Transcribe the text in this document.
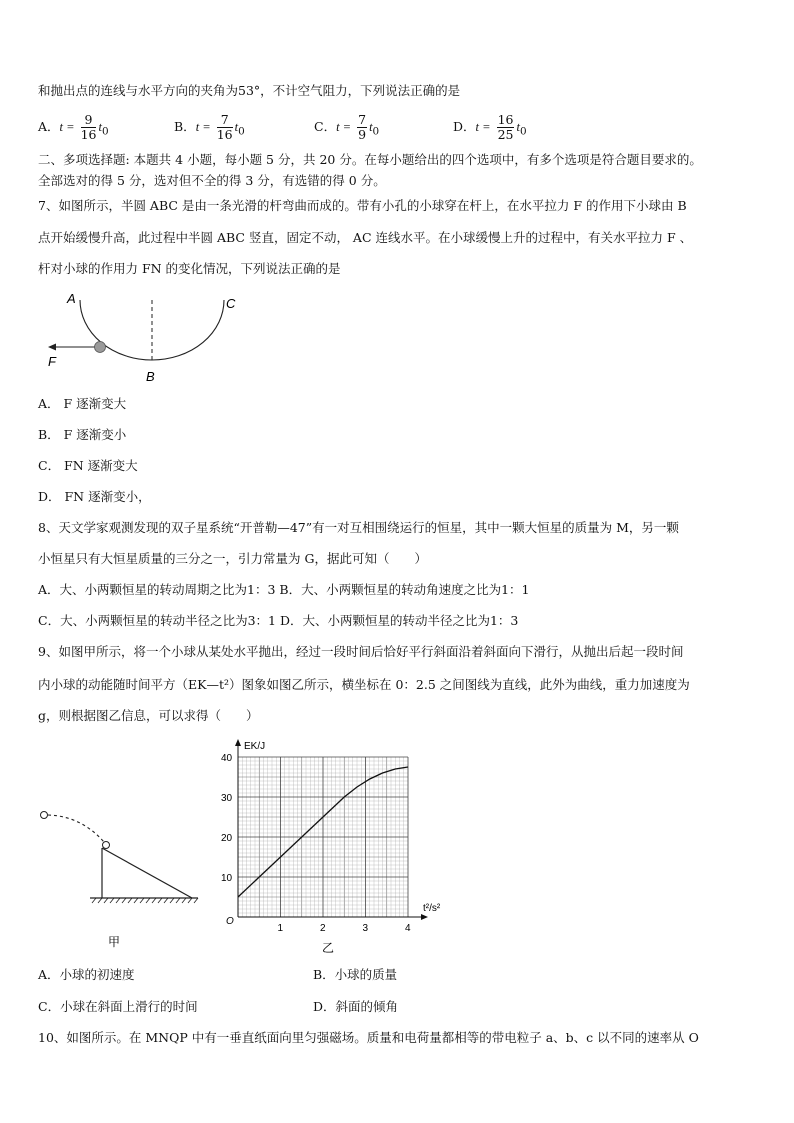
和抛出点的连线与水平方向的夹角为53°，不计空气阻力，下列说法正确的是
A．$t = \frac{9}{16} t_0$	B．$t = \frac{7}{16} t_0$	C．$t = \frac{7}{9} t_0$	D．$t = \frac{16}{25} t_0$
二、多项选择题: 本题共 4 小题，每小题 5 分，共 20 分。在每小题给出的四个选项中，有多个选项是符合题目要求的。
全部选对的得 5 分，选对但不全的得 3 分，有选错的得 0 分。
7、如图所示，半圆 ABC 是由一条光滑的杆弯曲而成的。带有小孔的小球穿在杆上，在水平拉力 F 的作用下小球由 B
点开始缓慢升高，此过程中半圆 ABC 竖直，固定不动， AC 连线水平。在小球缓慢上升的过程中，有关水平拉力 F 、
杆对小球的作用力 FN 的变化情况，下列说法正确的是
A	C
B
F
A． F 逐渐变大
B． F 逐渐变小
C． FN 逐渐变大
D． FN 逐渐变小，
8、天文学家观测发现的双子星系统“开普勒—47”有一对互相围绕运行的恒星，其中一颗大恒星的质量为 M，另一颗
小恒星只有大恒星质量的三分之一，引力常量为 G，据此可知（　　）
A．大、小两颗恒星的转动周期之比为1：3 B．大、小两颗恒星的转动角速度之比为1：1
C．大、小两颗恒星的转动半径之比为3：1 D．大、小两颗恒星的转动半径之比为1：3
9、如图甲所示，将一个小球从某处水平抛出，经过一段时间后恰好平行斜面沿着斜面向下滑行，从抛出后起一段时间
内小球的动能随时间平方（EK—t²）图象如图乙所示，横坐标在 0：2.5 之间图线为直线，此外为曲线，重力加速度为
g，则根据图乙信息，可以求得（　　）
甲
1	2	3	4
10
20
30
40
EK/J
t²/s²
O
乙
A．小球的初速度	B．小球的质量
C．小球在斜面上滑行的时间	D．斜面的倾角
10、如图所示。在 MNQP 中有一垂直纸面向里匀强磁场。质量和电荷量都相等的带电粒子 a、b、c 以不同的速率从 O
